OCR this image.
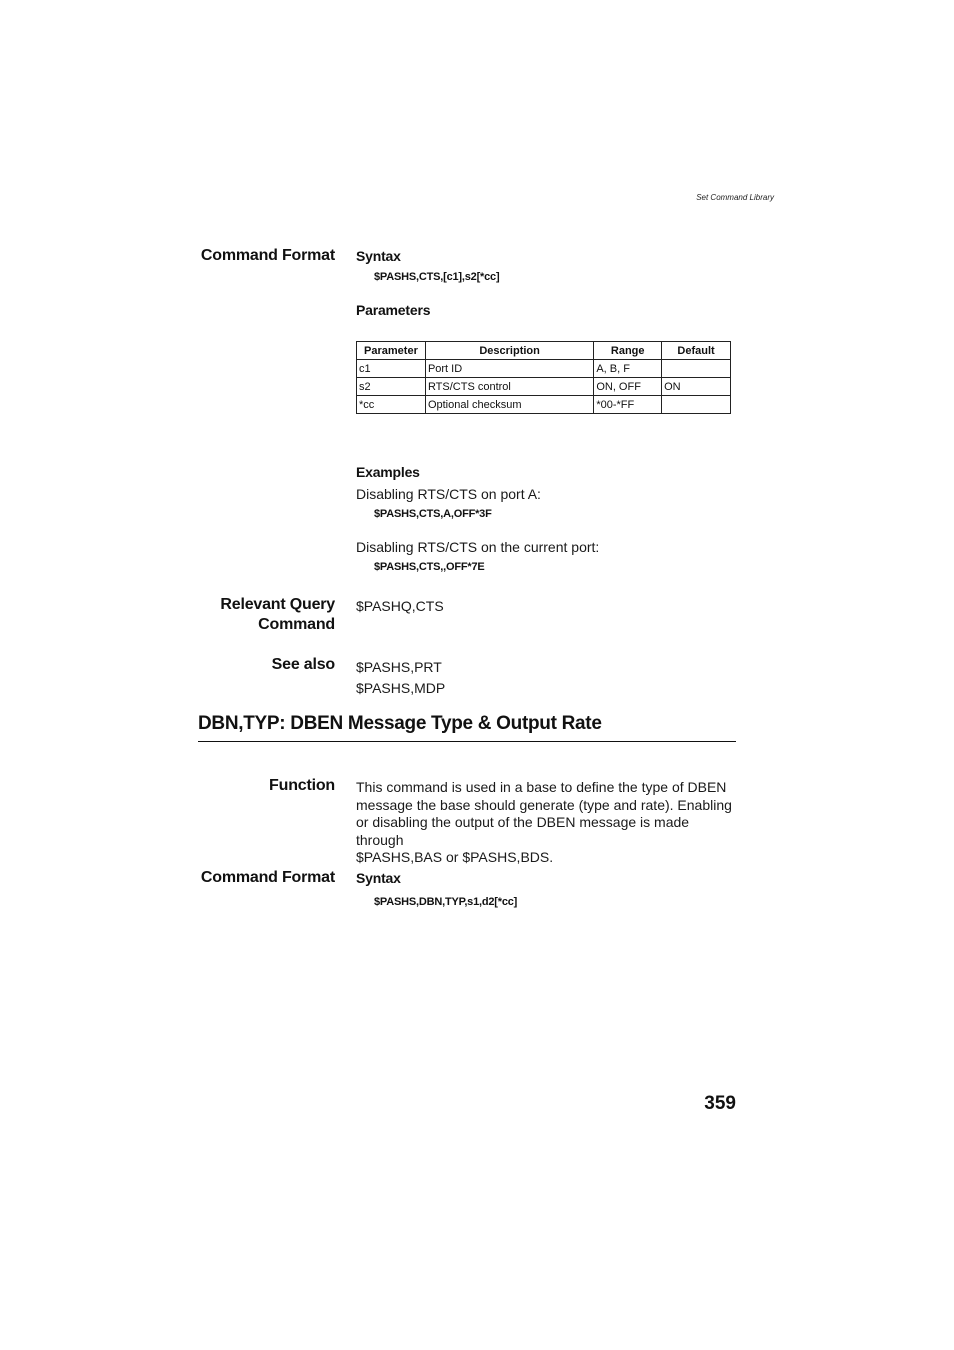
Set Command Library
Command Format Syntax
$PASHS,CTS,[c1],s2[*cc]
Parameters
Parameter	Description	Range	Default
c1	Port ID	A, B, F	
s2	RTS/CTS control	ON, OFF	ON
*cc	Optional checksum	*00-*FF	
Examples
Disabling RTS/CTS on port A:
$PASHS,CTS,A,OFF*3F
Disabling RTS/CTS on the current port:
$PASHS,CTS,,OFF*7E
Relevant Query
Command
$PASHQ,CTS
See also $PASHS,PRT
$PASHS,MDP
DBN,TYP: DBEN Message Type & Output Rate
Function This command is used in a base to define the type of DBEN
message the base should generate (type and rate). Enabling
or disabling the output of the DBEN message is made through
$PASHS,BAS or $PASHS,BDS.
Command Format Syntax
$PASHS,DBN,TYP,s1,d2[*cc]
359
